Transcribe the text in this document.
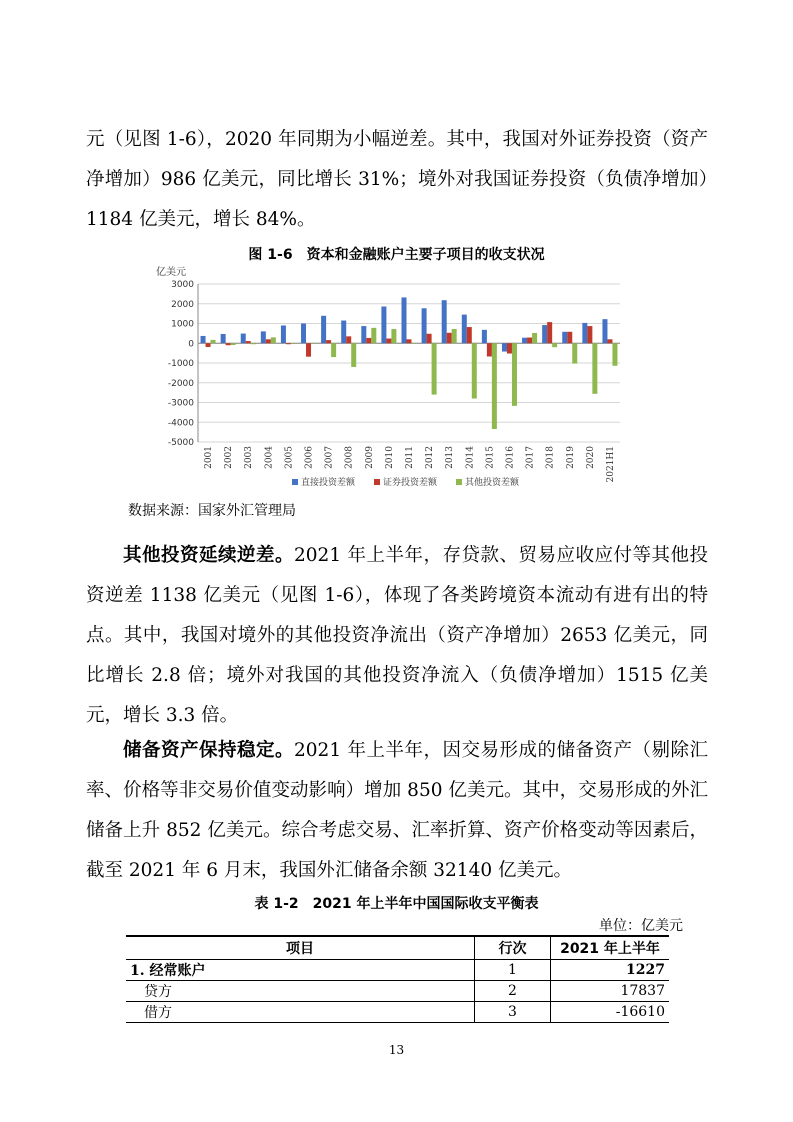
元（见图 1-6），2020 年同期为小幅逆差。其中，我国对外证券投资（资产净增加）986 亿美元，同比增长 31%；境外对我国证券投资（负债净增加）1184 亿美元，增长 84%。

图 1-6　资本和金融账户主要子项目的收支状况
亿美元
3000
2000
1000
0
-1000
-2000
-3000
-4000
-5000
2001 2002 2003 2004 2005 2006 2007 2008 2009 2010 2011 2012 2013 2014 2015 2016 2017 2018 2019 2020 2021H1
直接投资差额	证券投资差额	其他投资差额
数据来源：国家外汇管理局

其他投资延续逆差。2021 年上半年，存贷款、贸易应收应付等其他投资逆差 1138 亿美元（见图 1-6），体现了各类跨境资本流动有进有出的特点。其中，我国对境外的其他投资净流出（资产净增加）2653 亿美元，同比增长 2.8 倍；境外对我国的其他投资净流入（负债净增加）1515 亿美元，增长 3.3 倍。

储备资产保持稳定。2021 年上半年，因交易形成的储备资产（剔除汇率、价格等非交易价值变动影响）增加 850 亿美元。其中，交易形成的外汇储备上升 852 亿美元。综合考虑交易、汇率折算、资产价格变动等因素后，截至 2021 年 6 月末，我国外汇储备余额 32140 亿美元。

表 1-2　2021 年上半年中国国际收支平衡表
单位：亿美元
项目	行次	2021 年上半年
1. 经常账户	1	1227
贷方	2	17837
借方	3	-16610
13
